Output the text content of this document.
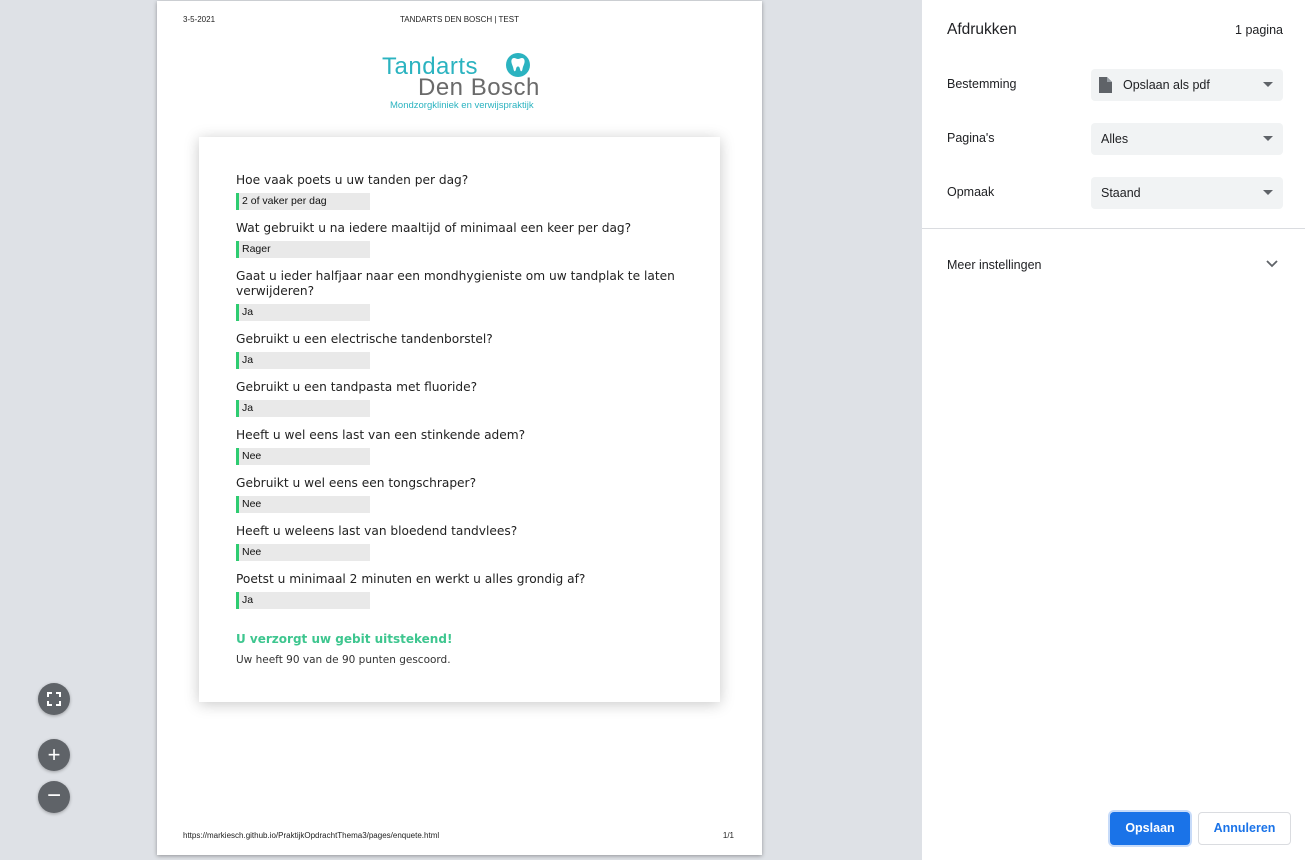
3-5-2021	TANDARTS DEN BOSCH | TEST
Tandarts
Den Bosch
Mondzorgkliniek en verwijspraktijk
Hoe vaak poets u uw tanden per dag?
2 of vaker per dag
Wat gebruikt u na iedere maaltijd of minimaal een keer per dag?
Rager
Gaat u ieder halfjaar naar een mondhygieniste om uw tandplak te laten verwijderen?
Ja
Gebruikt u een electrische tandenborstel?
Ja
Gebruikt u een tandpasta met fluoride?
Ja
Heeft u wel eens last van een stinkende adem?
Nee
Gebruikt u wel eens een tongschraper?
Nee
Heeft u weleens last van bloedend tandvlees?
Nee
Poetst u minimaal 2 minuten en werkt u alles grondig af?
Ja
U verzorgt uw gebit uitstekend!
Uw heeft 90 van de 90 punten gescoord.
https://markiesch.github.io/PraktijkOpdrachtThema3/pages/enquete.html	1/1
+
−
Afdrukken	1 pagina
Bestemming	Opslaan als pdf
Pagina's	Alles
Opmaak	Staand
Meer instellingen
Opslaan	Annuleren
